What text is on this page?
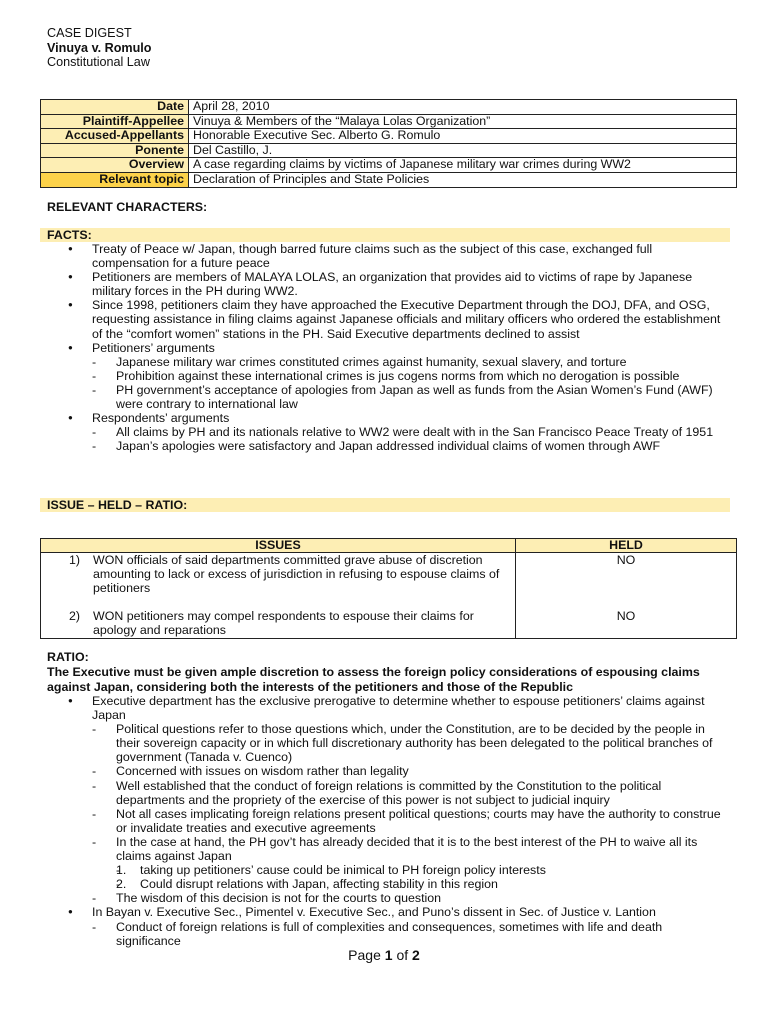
CASE DIGEST
Vinuya v. Romulo
Constitutional Law
Date	April 28, 2010
Plaintiff-Appellee	Vinuya & Members of the “Malaya Lolas Organization”
Accused-Appellants	Honorable Executive Sec. Alberto G. Romulo
Ponente	Del Castillo, J.
Overview	A case regarding claims by victims of Japanese military war crimes during WW2
Relevant topic	Declaration of Principles and State Policies
RELEVANT CHARACTERS:
FACTS:
● Treaty of Peace w/ Japan, though barred future claims such as the subject of this case, exchanged full compensation for a future peace
● Petitioners are members of MALAYA LOLAS, an organization that provides aid to victims of rape by Japanese military forces in the PH during WW2.
● Since 1998, petitioners claim they have approached the Executive Department through the DOJ, DFA, and OSG, requesting assistance in filing claims against Japanese officials and military officers who ordered the establishment of the “comfort women” stations in the PH. Said Executive departments declined to assist
● Petitioners’ arguments
- Japanese military war crimes constituted crimes against humanity, sexual slavery, and torture
- Prohibition against these international crimes is jus cogens norms from which no derogation is possible
- PH government’s acceptance of apologies from Japan as well as funds from the Asian Women’s Fund (AWF) were contrary to international law
● Respondents’ arguments
- All claims by PH and its nationals relative to WW2 were dealt with in the San Francisco Peace Treaty of 1951
- Japan’s apologies were satisfactory and Japan addressed individual claims of women through AWF
ISSUE – HELD – RATIO:
ISSUES	HELD

1) WON officials of said departments committed grave abuse of discretion amounting to lack or excess of jurisdiction in refusing to espouse claims of petitioners	NO

2) WON petitioners may compel respondents to espouse their claims for apology and reparations	NO
RATIO:
The Executive must be given ample discretion to assess the foreign policy considerations of espousing claims against Japan, considering both the interests of the petitioners and those of the Republic
● Executive department has the exclusive prerogative to determine whether to espouse petitioners’ claims against Japan
- Political questions refer to those questions which, under the Constitution, are to be decided by the people in their sovereign capacity or in which full discretionary authority has been delegated to the political branches of government (Tanada v. Cuenco)
- Concerned with issues on wisdom rather than legality
- Well established that the conduct of foreign relations is committed by the Constitution to the political departments and the propriety of the exercise of this power is not subject to judicial inquiry
- Not all cases implicating foreign relations present political questions; courts may have the authority to construe or invalidate treaties and executive agreements
- In the case at hand, the PH gov’t has already decided that it is to the best interest of the PH to waive all its claims against Japan
- 1. taking up petitioners’ cause could be inimical to PH foreign policy interests
- 2. Could disrupt relations with Japan, affecting stability in this region
- The wisdom of this decision is not for the courts to question
● In Bayan v. Executive Sec., Pimentel v. Executive Sec., and Puno’s dissent in Sec. of Justice v. Lantion
- Conduct of foreign relations is full of complexities and consequences, sometimes with life and death significance
Page 1 of 2
